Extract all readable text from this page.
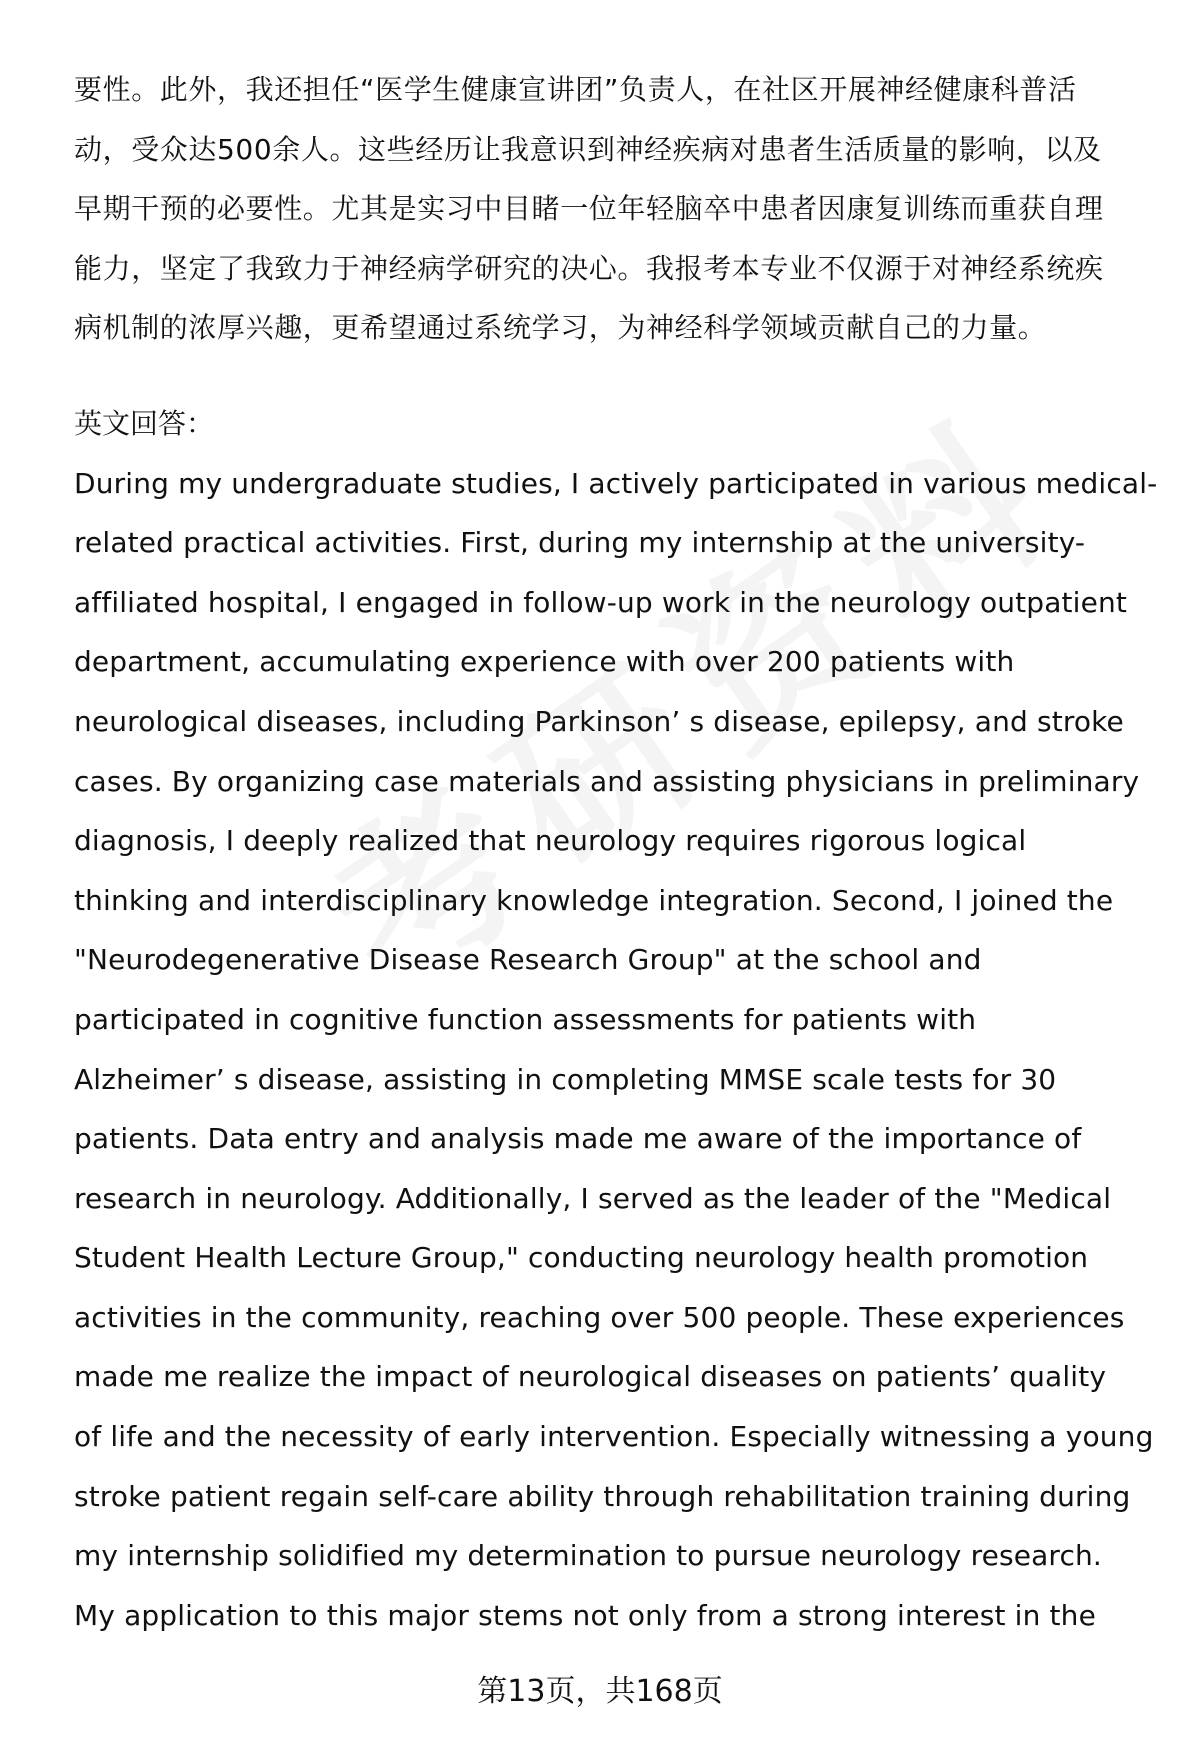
要性。此外，我还担任“医学生健康宣讲团”负责人，在社区开展神经健康科普活

动，受众达500余人。这些经历让我意识到神经疾病对患者生活质量的影响，以及

早期干预的必要性。尤其是实习中目睹一位年轻脑卒中患者因康复训练而重获自理

能力，坚定了我致力于神经病学研究的决心。我报考本专业不仅源于对神经系统疾

病机制的浓厚兴趣，更希望通过系统学习，为神经科学领域贡献自己的力量。

英文回答：

During my undergraduate studies, I actively participated in various medical-

related practical activities. First, during my internship at the university-

affiliated hospital, I engaged in follow-up work in the neurology outpatient

department, accumulating experience with over 200 patients with

neurological diseases, including Parkinson’ s disease, epilepsy, and stroke

cases. By organizing case materials and assisting physicians in preliminary

diagnosis, I deeply realized that neurology requires rigorous logical

thinking and interdisciplinary knowledge integration. Second, I joined the

"Neurodegenerative Disease Research Group" at the school and

participated in cognitive function assessments for patients with

Alzheimer’ s disease, assisting in completing MMSE scale tests for 30

patients. Data entry and analysis made me aware of the importance of

research in neurology. Additionally, I served as the leader of the "Medical

Student Health Lecture Group," conducting neurology health promotion

activities in the community, reaching over 500 people. These experiences

made me realize the impact of neurological diseases on patients’ quality

of life and the necessity of early intervention. Especially witnessing a young

stroke patient regain self-care ability through rehabilitation training during

my internship solidified my determination to pursue neurology research.

My application to this major stems not only from a strong interest in the

第13页，共168页
